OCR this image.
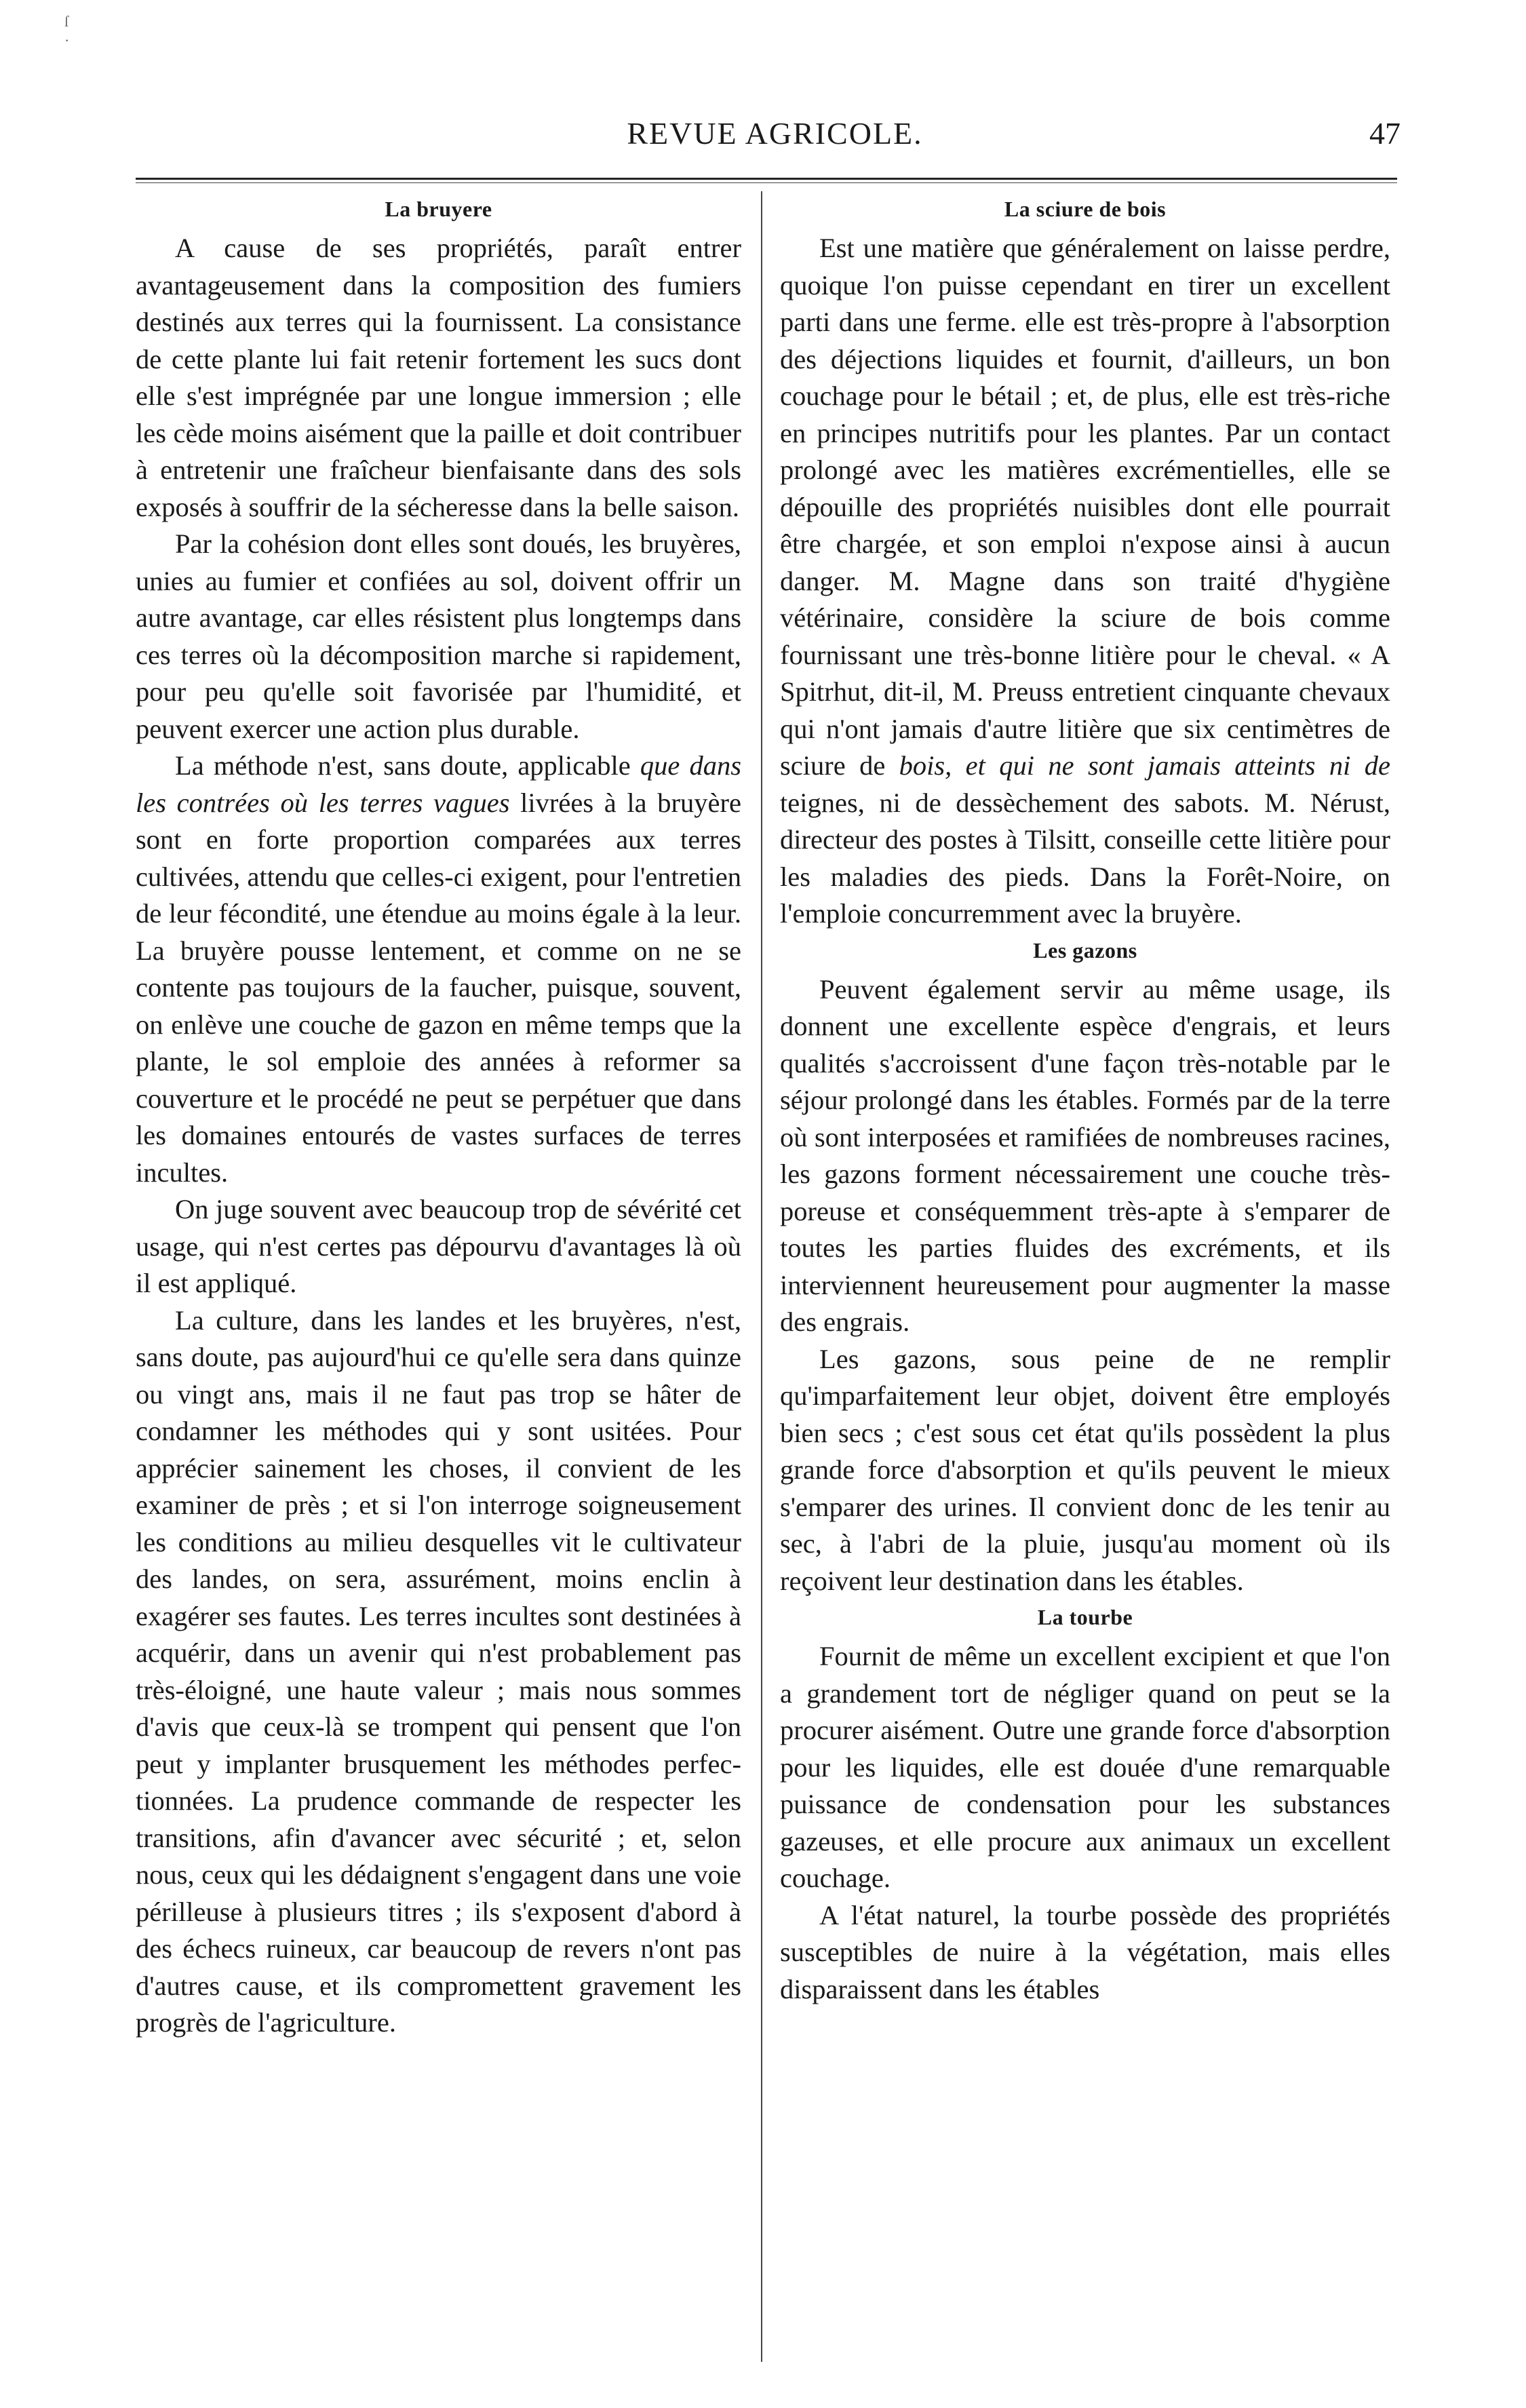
ſ
·
REVUE AGRICOLE.	47
La bruyere

A cause de ses propriétés, paraît entrer avantageusement dans la composition des fumiers destinés aux terres qui la fournissent. La consistance de cette plante lui fait retenir fortement les sucs dont elle s'est imprégnée par une longue immersion ; elle les cède moins aisément que la paille et doit contribuer à entretenir une fraîcheur bienfaisante dans des sols exposés à souffrir de la sécheresse dans la belle saison.

Par la cohésion dont elles sont doués, les bruyères, unies au fumier et confiées au sol, doivent offrir un autre avantage, car elles résistent plus longtemps dans ces terres où la décomposition marche si rapidement, pour peu qu'elle soit favorisée par l'humidité, et peuvent exercer une action plus durable.

La méthode n'est, sans doute, applicable que dans les contrées où les terres vagues livrées à la bruyère sont en forte proportion comparées aux terres cultivées, attendu que celles-ci exigent, pour l'entretien de leur fécondité, une étendue au moins égale à la leur. La bruyère pousse lentement, et comme on ne se contente pas toujours de la faucher, puisque, souvent, on enlève une couche de gazon en même temps que la plante, le sol emploie des années à reformer sa couverture et le procédé ne peut se perpétuer que dans les domaines entourés de vastes surfaces de terres incultes.

On juge souvent avec beaucoup trop de sévérité cet usage, qui n'est certes pas dépourvu d'avantages là où il est appliqué.

La culture, dans les landes et les bruyères, n'est, sans doute, pas aujourd'hui ce qu'elle sera dans quinze ou vingt ans, mais il ne faut pas trop se hâter de condamner les méthodes qui y sont usitées. Pour apprécier sainement les choses, il convient de les examiner de près ; et si l'on interroge soigneusement les conditions au milieu desquelles vit le cultivateur des landes, on sera, assurément, moins enclin à exagérer ses fautes. Les terres incultes sont destinées à acquérir, dans un avenir qui n'est probablement pas très-éloigné, une haute valeur ; mais nous sommes d'avis que ceux-là se trompent qui pensent que l'on peut y implanter brusquement les méthodes perfectionnées. La prudence commande de respecter les transitions, afin d'avancer avec sécurité ; et, selon nous, ceux qui les dédaignent s'engagent dans une voie périlleuse à plusieurs titres ; ils s'exposent d'abord à des échecs ruineux, car beaucoup de revers n'ont pas d'autres cause, et ils compromettent gravement les progrès de l'agriculture.

La sciure de bois

Est une matière que généralement on laisse perdre, quoique l'on puisse cependant en tirer un excellent parti dans une ferme. elle est très-propre à l'absorption des déjections liquides et fournit, d'ailleurs, un bon couchage pour le bétail ; et, de plus, elle est très-riche en principes nutritifs pour les plantes. Par un contact prolongé avec les matières excrémentielles, elle se dépouille des propriétés nuisibles dont elle pourrait être chargée, et son emploi n'expose ainsi à aucun danger. M. Magne dans son traité d'hygiène vétérinaire, considère la sciure de bois comme fournissant une très-bonne litière pour le cheval. « A Spitrhut, dit-il, M. Preuss entretient cinquante chevaux qui n'ont jamais d'autre litière que six centimètres de sciure de bois, et qui ne sont jamais atteints ni de teignes, ni de dessèchement des sabots. M. Nérust, directeur des postes à Tilsitt, conseille cette litière pour les maladies des pieds. Dans la Forêt-Noire, on l'emploie concurremment avec la bruyère.

Les gazons

Peuvent également servir au même usage, ils donnent une excellente espèce d'engrais, et leurs qualités s'accroissent d'une façon très-notable par le séjour prolongé dans les étables. Formés par de la terre où sont interposées et ramifiées de nombreuses racines, les gazons forment nécessairement une couche très-poreuse et conséquemment très-apte à s'emparer de toutes les parties fluides des excréments, et ils interviennent heureusement pour augmenter la masse des engrais.

Les gazons, sous peine de ne remplir qu'imparfaitement leur objet, doivent être employés bien secs ; c'est sous cet état qu'ils possèdent la plus grande force d'absorption et qu'ils peuvent le mieux s'emparer des urines. Il convient donc de les tenir au sec, à l'abri de la pluie, jusqu'au moment où ils reçoivent leur destination dans les étables.

La tourbe

Fournit de même un excellent excipient et que l'on a grandement tort de négliger quand on peut se la procurer aisément. Outre une grande force d'absorption pour les liquides, elle est douée d'une remarquable puissance de condensation pour les substances gazeuses, et elle procure aux animaux un excellent couchage.

A l'état naturel, la tourbe possède des propriétés susceptibles de nuire à la végétation, mais elles disparaissent dans les étables
